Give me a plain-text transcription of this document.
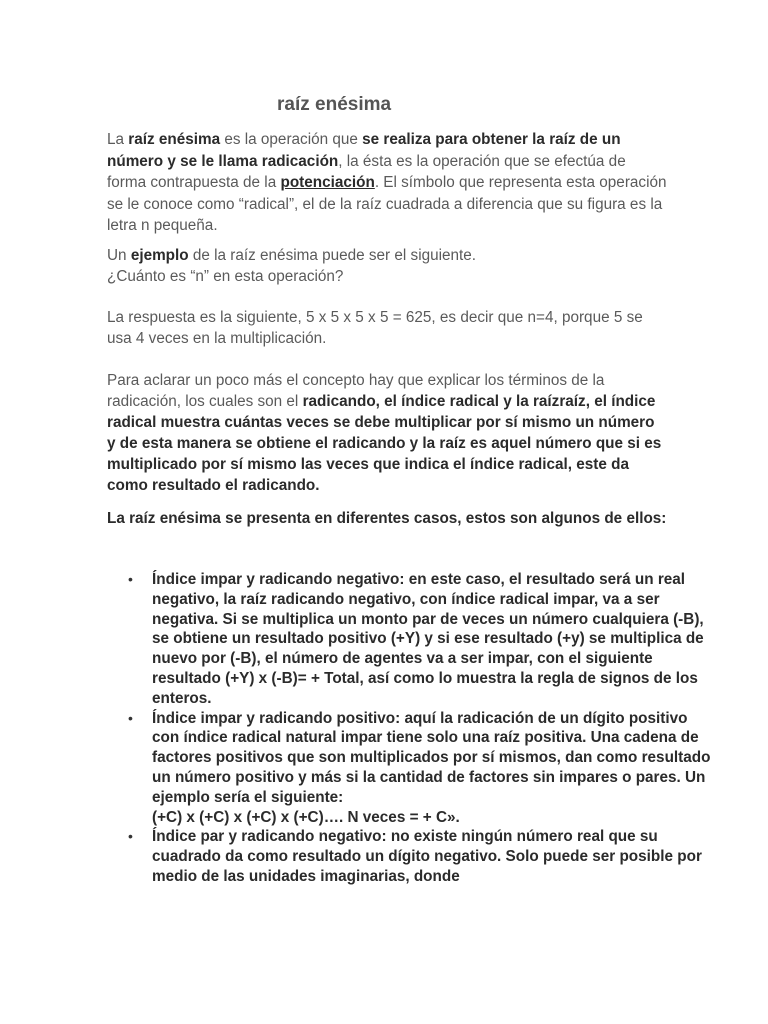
raíz enésima

La raíz enésima es la operación que se realiza para obtener la raíz de un número y se le llama radicación, la ésta es la operación que se efectúa de forma contrapuesta de la potenciación. El símbolo que representa esta operación se le conoce como “radical”, el de la raíz cuadrada a diferencia que su figura es la letra n pequeña.

Un ejemplo de la raíz enésima puede ser el siguiente.
¿Cuánto es “n” en esta operación?

La respuesta es la siguiente, 5 x 5 x 5 x 5 = 625, es decir que n=4, porque 5 se usa 4 veces en la multiplicación.

Para aclarar un poco más el concepto hay que explicar los términos de la radicación, los cuales son el radicando, el índice radical y la raízraíz, el índice radical muestra cuántas veces se debe multiplicar por sí mismo un número y de esta manera se obtiene el radicando y la raíz es aquel número que si es multiplicado por sí mismo las veces que indica el índice radical, este da como resultado el radicando.

La raíz enésima se presenta en diferentes casos, estos son algunos de ellos:

• Índice impar y radicando negativo: en este caso, el resultado será un real negativo, la raíz radicando negativo, con índice radical impar, va a ser negativa. Si se multiplica un monto par de veces un número cualquiera (-B), se obtiene un resultado positivo (+Y) y si ese resultado (+y) se multiplica de nuevo por (-B), el número de agentes va a ser impar, con el siguiente resultado (+Y) x (-B)= + Total, así como lo muestra la regla de signos de los enteros.
• Índice impar y radicando positivo: aquí la radicación de un dígito positivo con índice radical natural impar tiene solo una raíz positiva. Una cadena de factores positivos que son multiplicados por sí mismos, dan como resultado un número positivo y más si la cantidad de factores sin impares o pares. Un ejemplo sería el siguiente:
(+C) x (+C) x (+C) x (+C)…. N veces = + C».
• Índice par y radicando negativo: no existe ningún número real que su cuadrado da como resultado un dígito negativo. Solo puede ser posible por medio de las unidades imaginarias, donde
